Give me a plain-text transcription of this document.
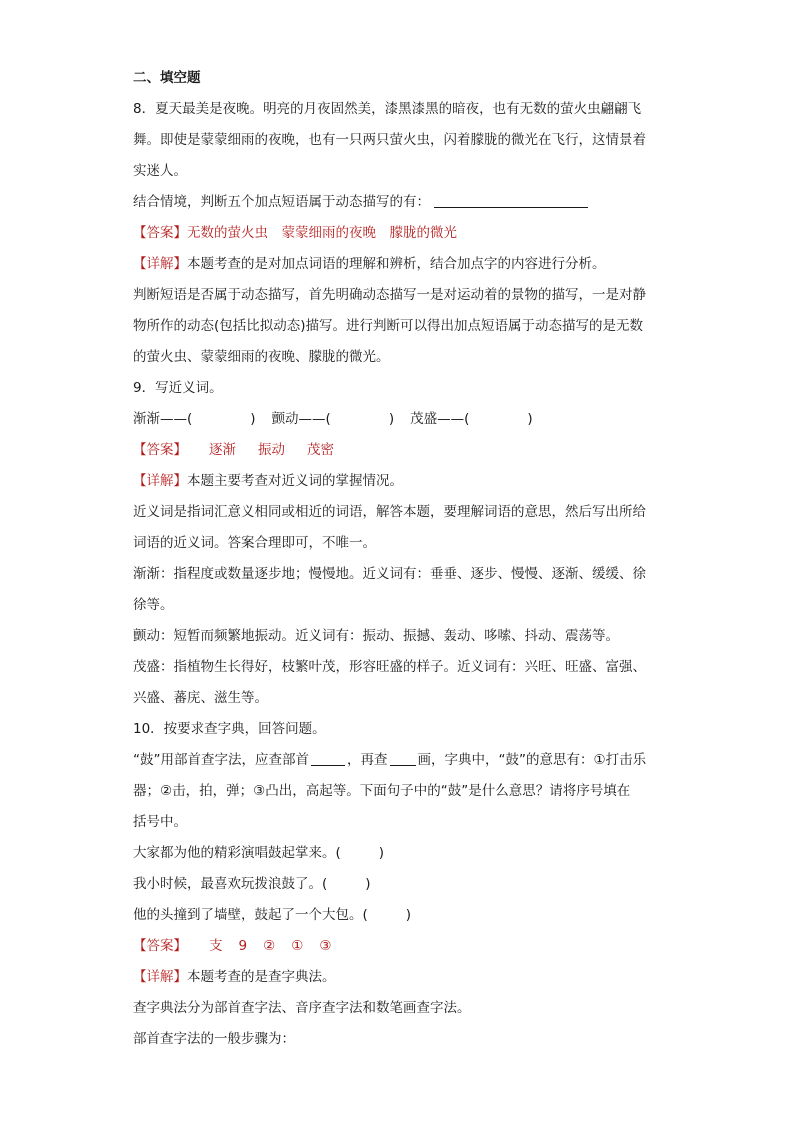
二、填空题
8．夏天最美是夜晚。明亮的月夜固然美，漆黑漆黑的暗夜，也有无数的萤火虫翩翩飞
舞。即使是蒙蒙细雨的夜晚，也有一只两只萤火虫，闪着朦胧的微光在飞行，这情景着
实迷人。
结合情境，判断五个加点短语属于动态描写的有：
【答案】无数的萤火虫　蒙蒙细雨的夜晚　朦胧的微光
【详解】本题考查的是对加点词语的理解和辨析，结合加点字的内容进行分析。
判断短语是否属于动态描写，首先明确动态描写一是对运动着的景物的描写，一是对静
物所作的动态(包括比拟动态)描写。进行判断可以得出加点短语属于动态描写的是无数
的萤火虫、蒙蒙细雨的夜晚、朦胧的微光。
9．写近义词。
渐渐——(	) 颤动——(	) 茂盛——(	)
【答案】 逐渐 振动 茂密
【详解】本题主要考查对近义词的掌握情况。
近义词是指词汇意义相同或相近的词语，解答本题，要理解词语的意思，然后写出所给
词语的近义词。答案合理即可，不唯一。
渐渐：指程度或数量逐步地；慢慢地。近义词有：垂垂、逐步、慢慢、逐渐、缓缓、徐
徐等。
颤动：短暂而频繁地振动。近义词有：振动、振撼、轰动、哆嗦、抖动、震荡等。
茂盛：指植物生长得好，枝繁叶茂，形容旺盛的样子。近义词有：兴旺、旺盛、富强、
兴盛、蕃庑、滋生等。
10．按要求查字典，回答问题。
“鼓”用部首查字法，应查部首	，再查 画，字典中，“鼓”的意思有：①打击乐
器；②击，拍，弹；③凸出，高起等。下面句子中的“鼓”是什么意思？请将序号填在
括号中。
大家都为他的精彩演唱鼓起掌来。(	)
我小时候，最喜欢玩拨浪鼓了。(	)
他的头撞到了墙壁，鼓起了一个大包。(	)
【答案】 支 9 ② ① ③
【详解】本题考查的是查字典法。
查字典法分为部首查字法、音序查字法和数笔画查字法。
部首查字法的一般步骤为：
